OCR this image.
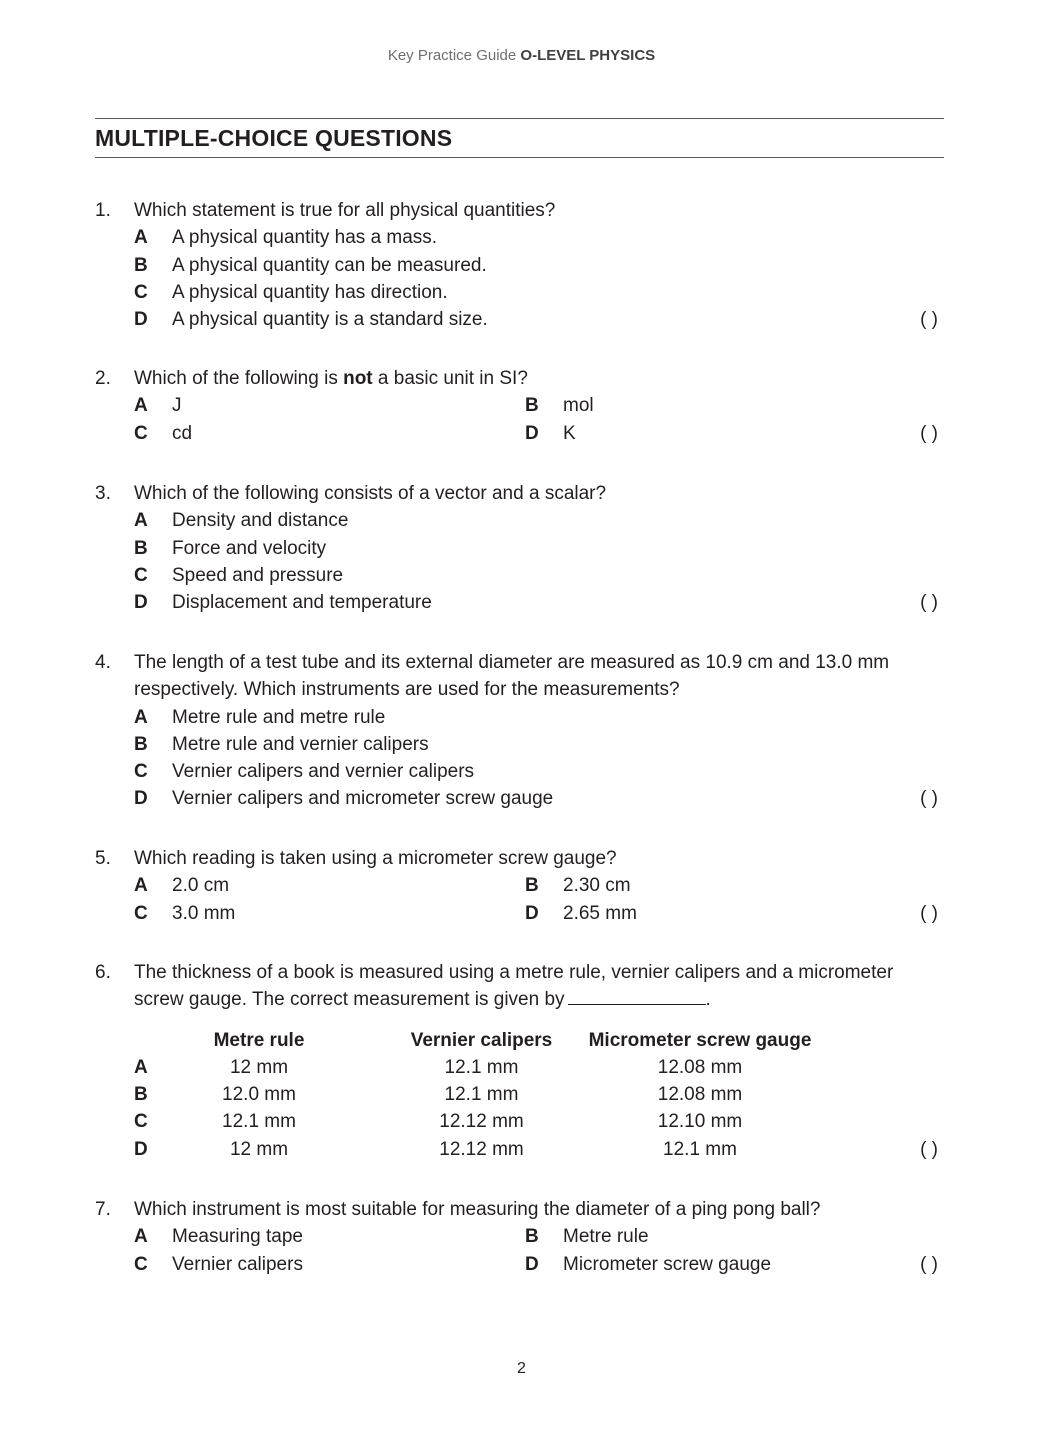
Key Practice Guide O-LEVEL PHYSICS
MULTIPLE-CHOICE QUESTIONS
1. Which statement is true for all physical quantities?
A A physical quantity has a mass.
B A physical quantity can be measured.
C A physical quantity has direction.
D A physical quantity is a standard size.	( )
2. Which of the following is not a basic unit in SI?
A J	B mol
C cd	D K	( )
3. Which of the following consists of a vector and a scalar?
A Density and distance
B Force and velocity
C Speed and pressure
D Displacement and temperature	( )
4. The length of a test tube and its external diameter are measured as 10.9 cm and 13.0 mm
respectively. Which instruments are used for the measurements?
A Metre rule and metre rule
B Metre rule and vernier calipers
C Vernier calipers and vernier calipers
D Vernier calipers and micrometer screw gauge	( )
5. Which reading is taken using a micrometer screw gauge?
A 2.0 cm	B 2.30 cm
C 3.0 mm	D 2.65 mm	( )
6. The thickness of a book is measured using a metre rule, vernier calipers and a micrometer
screw gauge. The correct measurement is given by	.
Metre rule	Vernier calipers	Micrometer screw gauge
A	12 mm	12.1 mm	12.08 mm
B	12.0 mm	12.1 mm	12.08 mm
C	12.1 mm	12.12 mm	12.10 mm
D	12 mm	12.12 mm	12.1 mm	( )
7. Which instrument is most suitable for measuring the diameter of a ping pong ball?
A Measuring tape	B Metre rule
C Vernier calipers	D Micrometer screw gauge	( )
2
